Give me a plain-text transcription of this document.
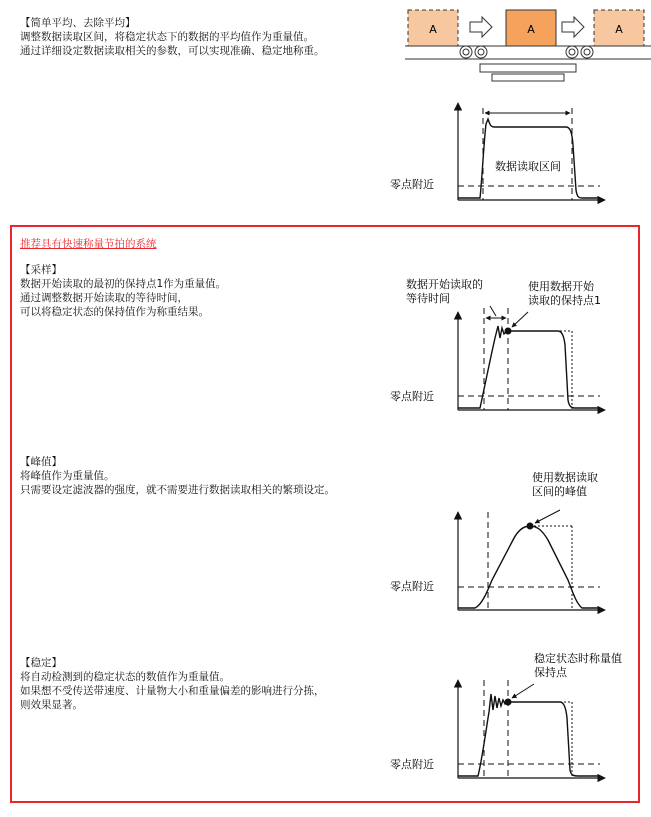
【简单平均、去除平均】
调整数据读取区间，将稳定状态下的数据的平均值作为重量值。
通过详细设定数据读取相关的参数，可以实现准确、稳定地称重。
推荐具有快速称量节拍的系统
【采样】
数据开始读取的最初的保持点1作为重量值。
通过调整数据开始读取的等待时间，
可以将稳定状态的保持值作为称重结果。
【峰值】
将峰值作为重量值。
只需要设定滤波器的强度，就不需要进行数据读取相关的繁琐设定。
【稳定】
将自动检测到的稳定状态的数值作为重量值。
如果想不受传送带速度、计量物大小和重量偏差的影响进行分拣，
则效果显著。
A	A	A
数据读取区间
零点附近
数据开始读取的
等待时间
使用数据开始
读取的保持点1
零点附近
使用数据读取
区间的峰值
零点附近
稳定状态时称量值
保持点
零点附近
